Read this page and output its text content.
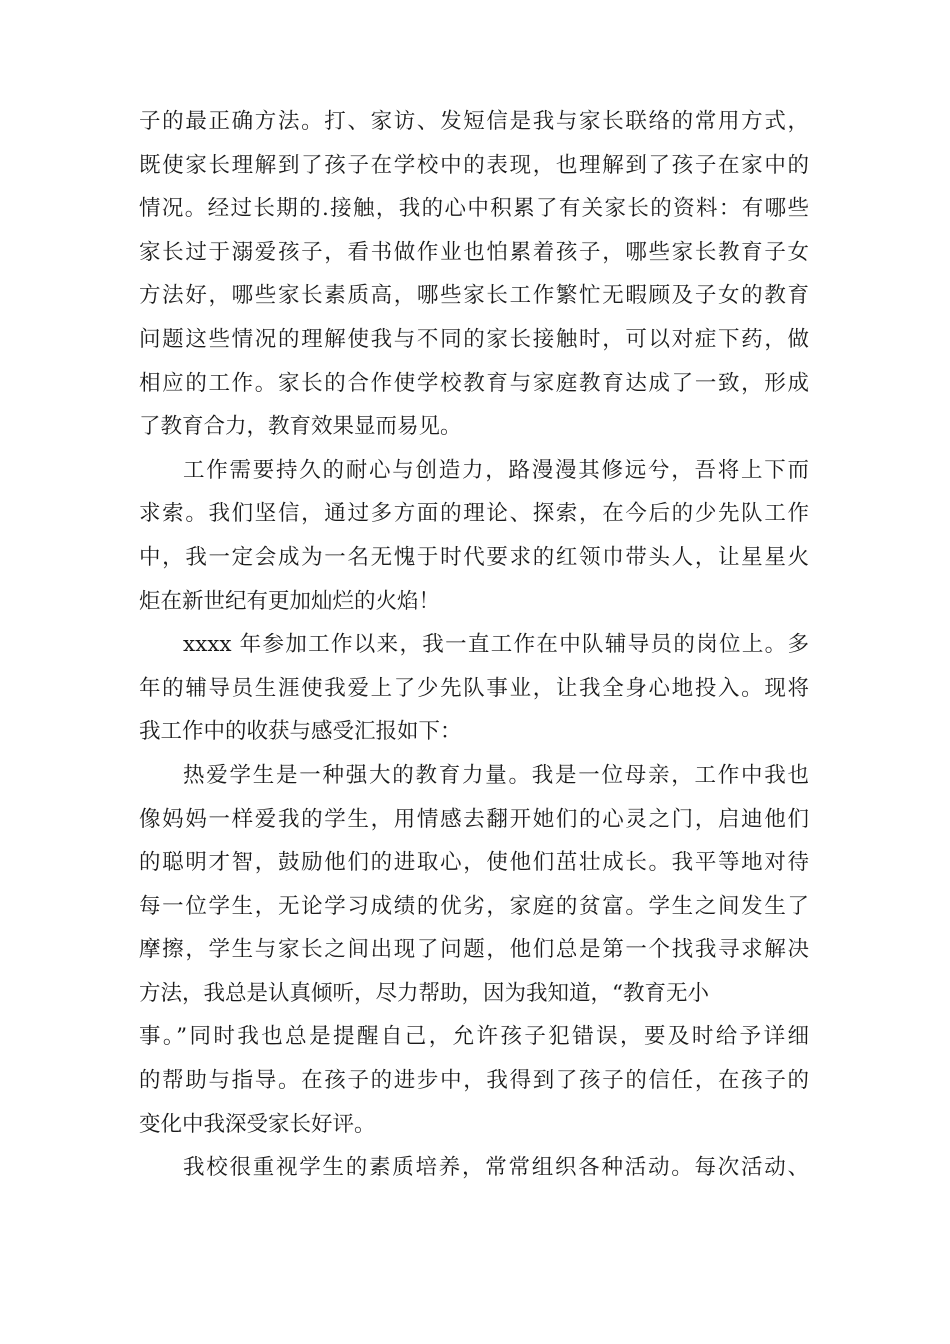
子的最正确方法。打、家访、发短信是我与家长联络的常用方式，
既使家长理解到了孩子在学校中的表现，也理解到了孩子在家中的
情况。经过长期的.接触，我的心中积累了有关家长的资料：有哪些
家长过于溺爱孩子，看书做作业也怕累着孩子，哪些家长教育子女
方法好，哪些家长素质高，哪些家长工作繁忙无暇顾及子女的教育
问题这些情况的理解使我与不同的家长接触时，可以对症下药，做
相应的工作。家长的合作使学校教育与家庭教育达成了一致，形成
了教育合力，教育效果显而易见。
工作需要持久的耐心与创造力，路漫漫其修远兮，吾将上下而
求索。我们坚信，通过多方面的理论、探索，在今后的少先队工作
中，我一定会成为一名无愧于时代要求的红领巾带头人，让星星火
炬在新世纪有更加灿烂的火焰！
xxxx 年参加工作以来，我一直工作在中队辅导员的岗位上。多
年的辅导员生涯使我爱上了少先队事业，让我全身心地投入。现将
我工作中的收获与感受汇报如下：
热爱学生是一种强大的教育力量。我是一位母亲，工作中我也
像妈妈一样爱我的学生，用情感去翻开她们的心灵之门，启迪他们
的聪明才智，鼓励他们的进取心，使他们茁壮成长。我平等地对待
每一位学生，无论学习成绩的优劣，家庭的贫富。学生之间发生了
摩擦，学生与家长之间出现了问题，他们总是第一个找我寻求解决
方法，我总是认真倾听，尽力帮助，因为我知道，“教育无小
事。”同时我也总是提醒自己，允许孩子犯错误，要及时给予详细
的帮助与指导。在孩子的进步中，我得到了孩子的信任，在孩子的
变化中我深受家长好评。
我校很重视学生的素质培养，常常组织各种活动。每次活动、
